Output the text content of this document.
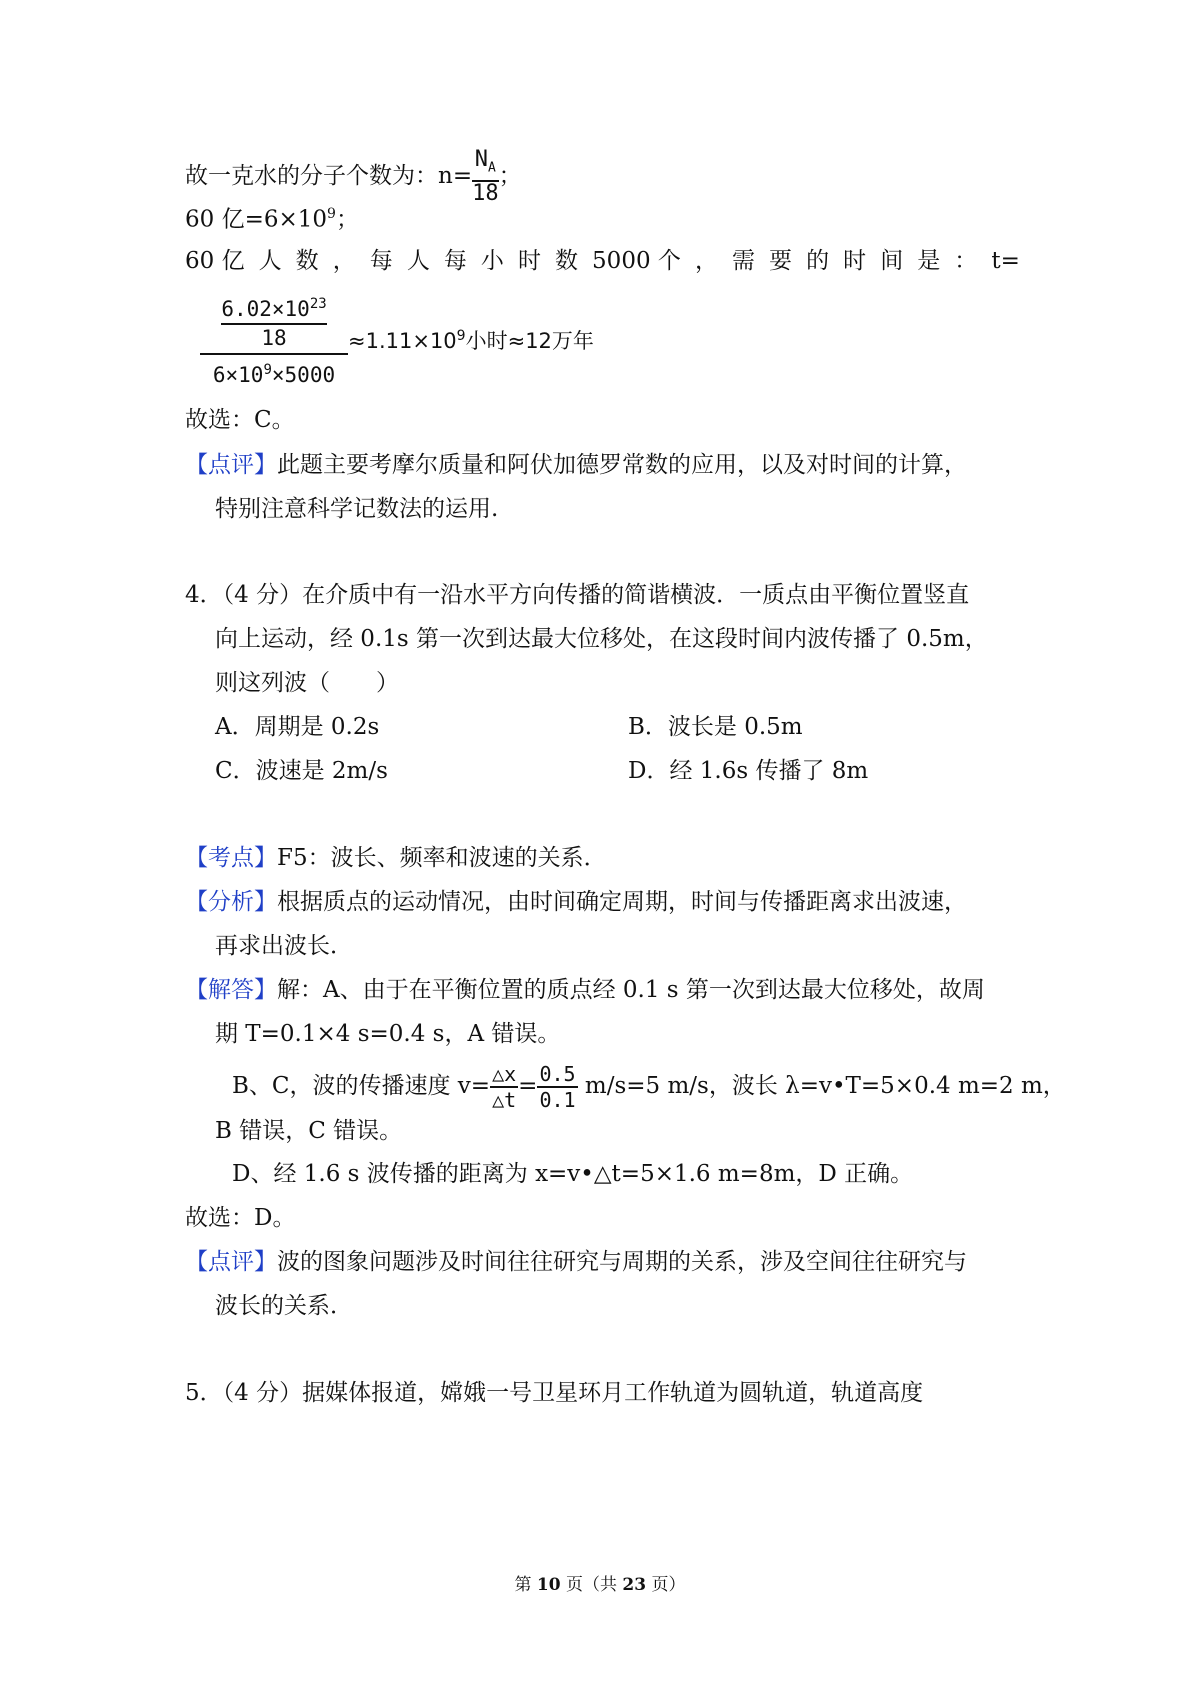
故一克水的分子个数为：$n= \frac{N_A}{18}$ ；
60 亿$=6\times 10^9$；
60 亿 人 数 ， 每 人 每 小 时 数 5000 个 ， 需 要 的 时 间 是 ： t=
$\frac{\frac{6.02\times 10^{23}}{18}}{6\times 10^9\times 5000} \approx 1.11\times 10^9$小时≈12万年
故选：C。
【点评】此题主要考摩尔质量和阿伏加德罗常数的应用，以及对时间的计算，
特别注意科学记数法的运用.
4．（4 分）在介质中有一沿水平方向传播的简谐横波．一质点由平衡位置竖直
向上运动，经 0.1s 第一次到达最大位移处，在这段时间内波传播了 0.5m，
则这列波（　　）
A．周期是 0.2s	B．波长是 0.5m
C．波速是 2m/s	D．经 1.6s 传播了 8m
【考点】F5：波长、频率和波速的关系．
【分析】根据质点的运动情况，由时间确定周期，时间与传播距离求出波速，
再求出波长．
【解答】解：A、由于在平衡位置的质点经 0.1 s 第一次到达最大位移处，故周
期 T=0.1×4 s=0.4 s，A 错误。
B、C，波的传播速度 $v= \frac{\triangle x}{\triangle t} = \frac{0.5}{0.1} m/s=5$ m/s，波长 λ=v•T=5×0.4 m=2 m，
B 错误，C 错误。
D、经 1.6 s 波传播的距离为 x=v•△t=5×1.6 m=8m，D 正确。
故选：D。
【点评】波的图象问题涉及时间往往研究与周期的关系，涉及空间往往研究与
波长的关系．
5．（4 分）据媒体报道，嫦娥一号卫星环月工作轨道为圆轨道，轨道高度
第 10 页（共 23 页）
